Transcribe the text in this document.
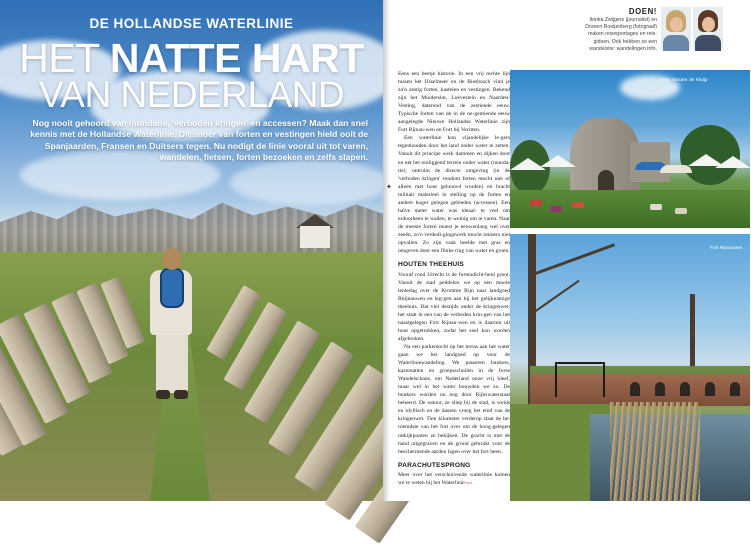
DE HOLLANDSE WATERLINIE
HET NATTE HART
VAN NEDERLAND
Nog nooit gehoord van inundatie, 'verboden kringen' en accessen? Maak dan snel
kennis met de Hollandse Waterlinie. Dit snoer van forten en vestingen hield ooit de
Spanjaarden, Fransen en Duitsers tegen. Nu nodigt de linie vooral uit tot varen,
wandelen, fietsen, forten bezoeken en zelfs slapen.
DOEN!
Ilonka Zwijgers (journalist) en
Doreen Rooijenberg (fotograaf)
maken reisreportages en reis-
gidsen. Ook hebben ze een
wandelsite: wandelingen.info.

Eens een beetje historie. In een vrij rechte lijn tussen het IJsselmeer en de Biesbosch vind je zo'n zestig forten, kastelen en vestingen. Bekend zijn het Muiderslot, Loevestein en Naarden-Vesting, daterend van de zestiende eeuw. Typische forten van de in de ne-gentiende eeuw aangelegde Nieuwe Hollandse Waterlinie zijn Fort Rijnau-wen en Fort bij Vechten.

Een waterlinie kon vijandelijke le-gers tegenhouden door het land onder water te zetten. Vanuit dit principe werk dammen en dijken door en net het omliggend terrein onder water (inunda-tie), ontruim de directe omgeving (in de 'verboden kringen' rondom forten mocht niet of alleen met hout gebouwd worden) en bracht militair materieel in stelling op de forten en andere hoger gelegen gebieden (accessen). Een halve meter water was ideaal: te veel om erdoorheen te waden, te weinig om te varen. Naar de meeste forten moest je eeuwenlang wel over zeeën, zo'n verdedi-gingswerk mocht immers niet opvallen. Zo zijn vaak beelde met gras en omgeven door een flinke ring van water en groen.

HOUTEN THEEHUIS

Vooraf rond Utrecht is de fortendicht-heid groot. Vanuit de stad peddelen we op een mooie lentedag over de Kromme Rijn naar landgoed Rhijnauwen en leg-gen aan bij het gelijknamige theehuis. Dat viel destijds onder de kringenwet: het staat in een van de verboden krin-gen van het naastgelegen Fort Rijnau-wen en is daarom uit hout opgetrokken, zodat het snel kon worden afgebroken.

Na een parkentocht op het terras aan het water gaan we het landgoed op voor de Waterliniewandeling. We passeren bunkers, kazematten en groepsschuilen in de forse Wandelschans, om Nederland onze vrij bleef, maar wel in het water bouwden we zo. De bunkers worden nu nog door Rijkswaterstaat beheerd. De natuur, ze sliep bij de stad, is weids en idyllisch en de dassen vroeg het eind van de kringenwet. Tien kilometer verderop staat de be-roemdste van het fort over om de hoog-gelegen uitkijkpunten ze bekijken. De gracht is met de hand uitgegraven en de grond gebruikt voor de beschermende aarden lagen over het fort heen.

PARACHUTESPRONG

Meer over het verschuivende waterlinie komen we te weten bij het Waterlinie-»»

✦
Foto: Wouter de Kluijp
Fort Rijnauwen
